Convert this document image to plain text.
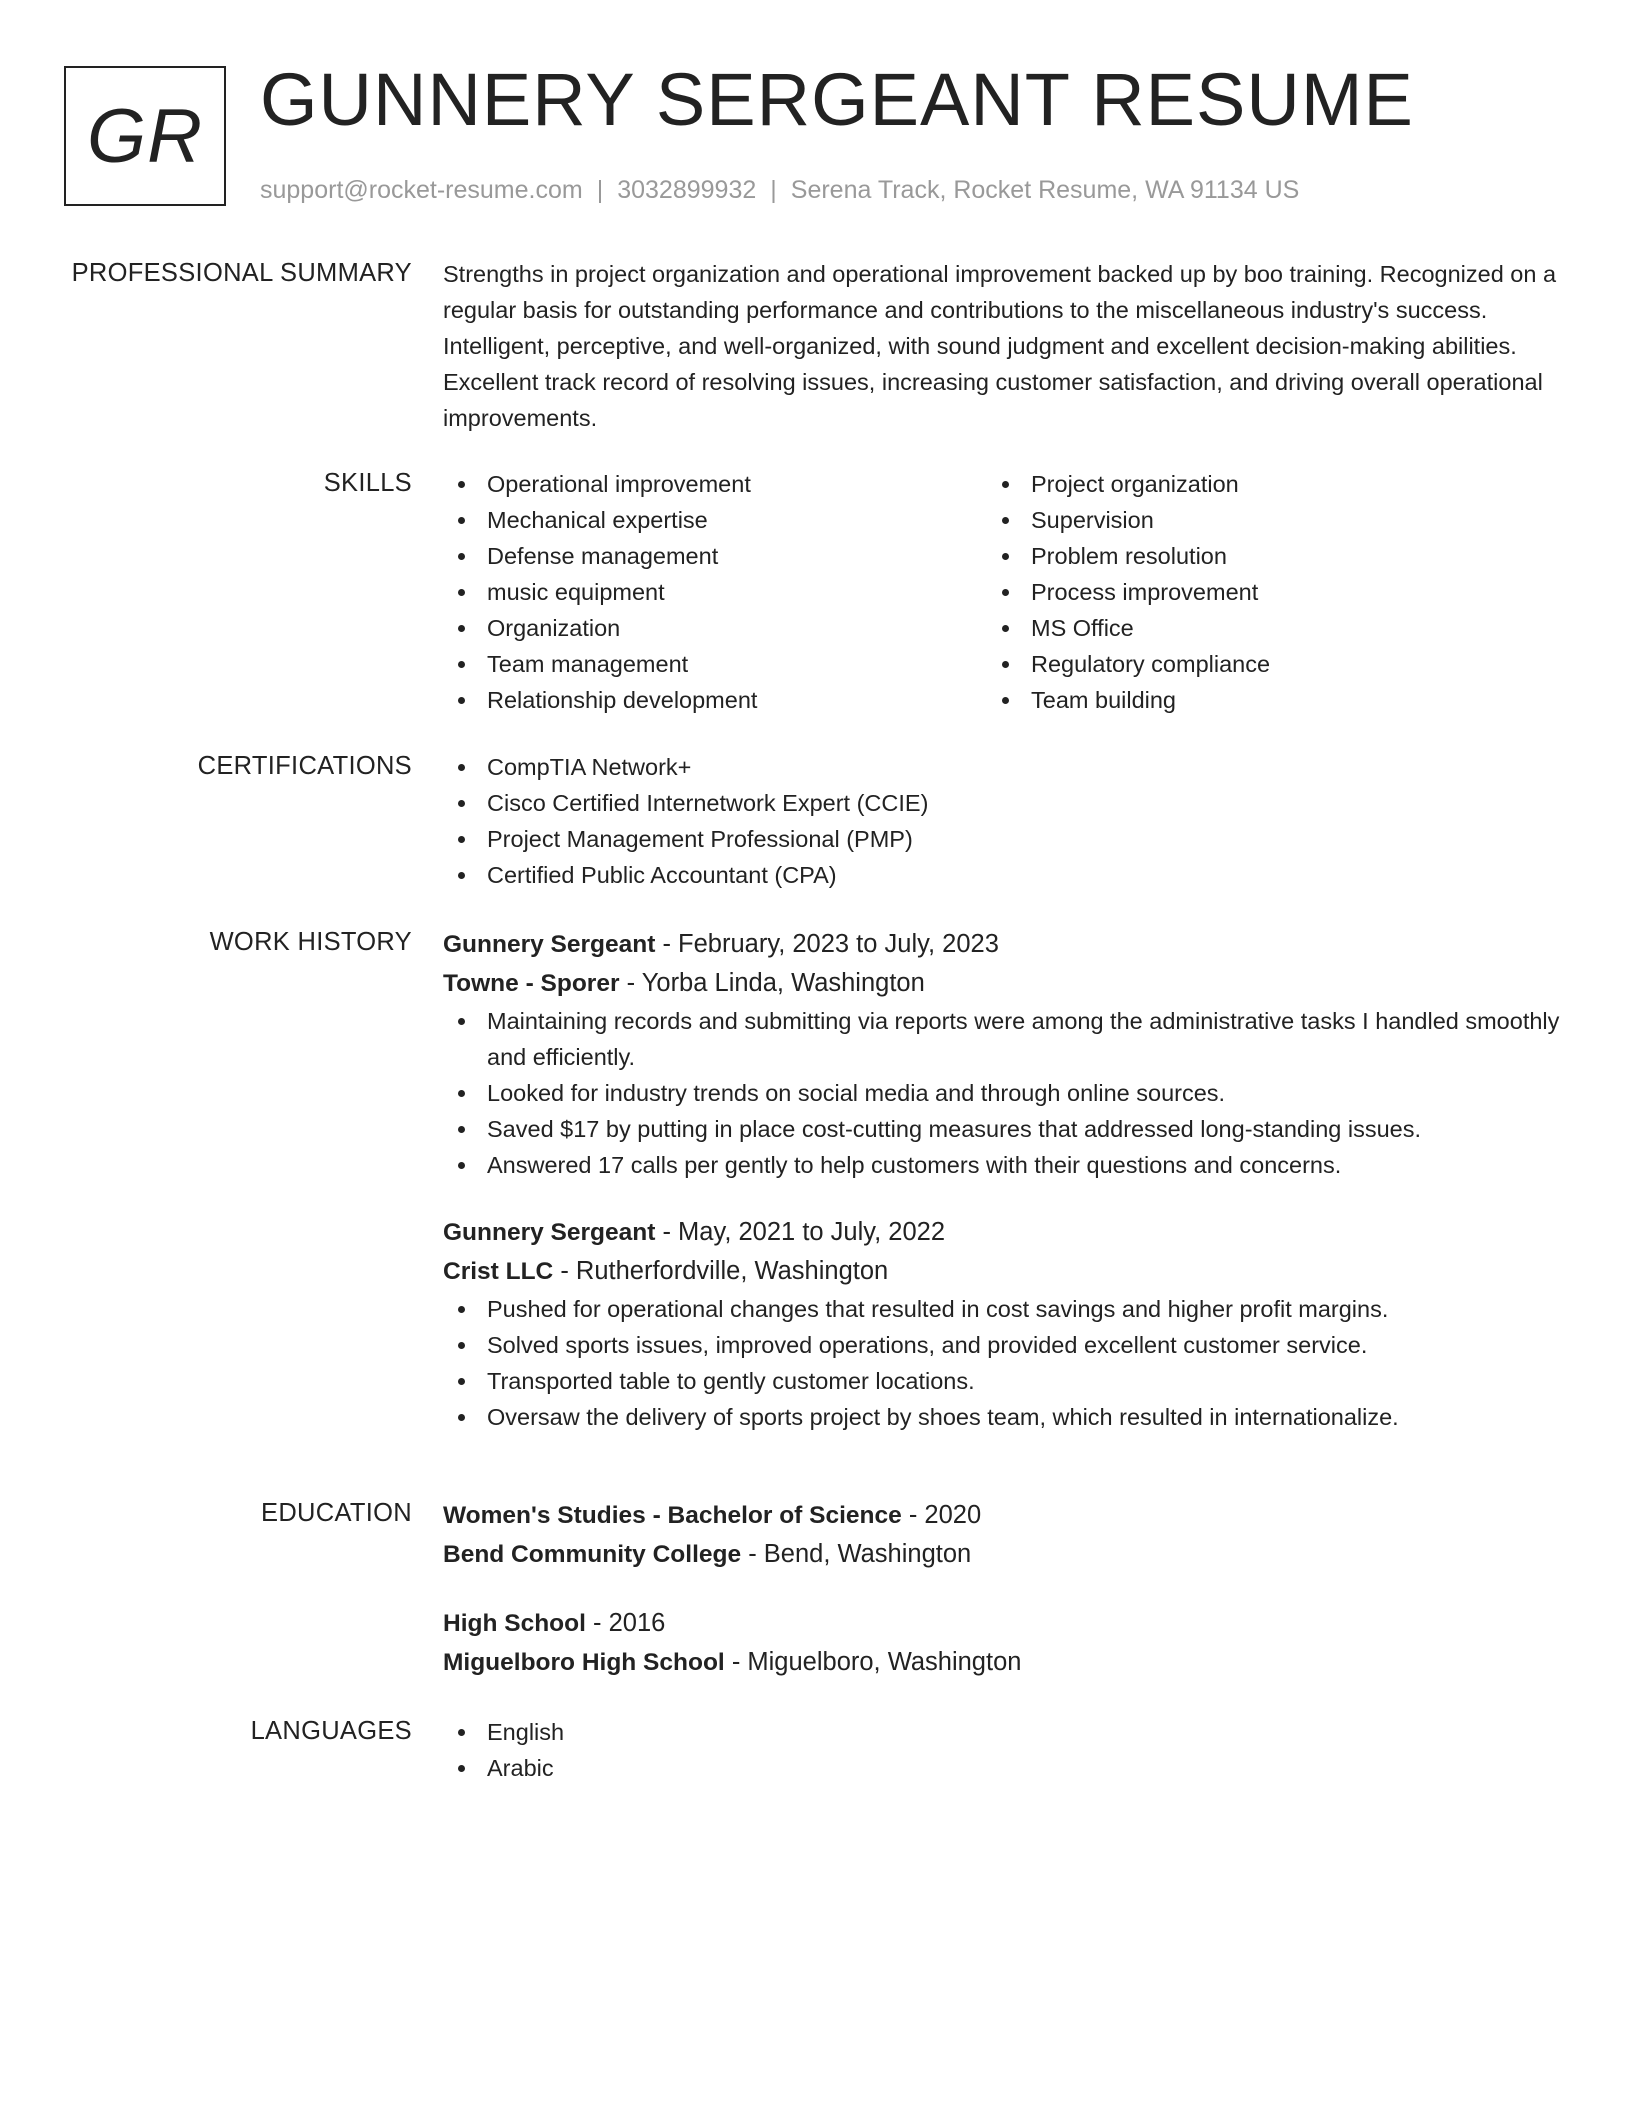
GR GUNNERY SERGEANT RESUME
support@rocket-resume.com | 3032899932 | Serena Track, Rocket Resume, WA 91134 US
PROFESSIONAL SUMMARY Strengths in project organization and operational improvement backed up by boo training. Recognized on a regular basis for outstanding performance and contributions to the miscellaneous industry's success. Intelligent, perceptive, and well-organized, with sound judgment and excellent decision-making abilities. Excellent track record of resolving issues, increasing customer satisfaction, and driving overall operational improvements.

SKILLS	Operational improvement
Mechanical expertise
Defense management
music equipment
Organization
Team management
Relationship development
Project organization
Supervision
Problem resolution
Process improvement
MS Office
Regulatory compliance
Team building
CERTIFICATIONS	CompTIA Network+
Cisco Certified Internetwork Expert (CCIE)
Project Management Professional (PMP)
Certified Public Accountant (CPA)
WORK HISTORY Gunnery Sergeant - February, 2023 to July, 2023
Towne - Sporer - Yorba Linda, Washington
Maintaining records and submitting via reports were among the administrative tasks I handled smoothly and efficiently.
Looked for industry trends on social media and through online sources.
Saved $17 by putting in place cost-cutting measures that addressed long-standing issues.
Answered 17 calls per gently to help customers with their questions and concerns.
Gunnery Sergeant - May, 2021 to July, 2022
Crist LLC - Rutherfordville, Washington
Pushed for operational changes that resulted in cost savings and higher profit margins.
Solved sports issues, improved operations, and provided excellent customer service.
Transported table to gently customer locations.
Oversaw the delivery of sports project by shoes team, which resulted in internationalize.
EDUCATION Women's Studies - Bachelor of Science - 2020
Bend Community College - Bend, Washington
High School - 2016
Miguelboro High School - Miguelboro, Washington
LANGUAGES	English
Arabic
